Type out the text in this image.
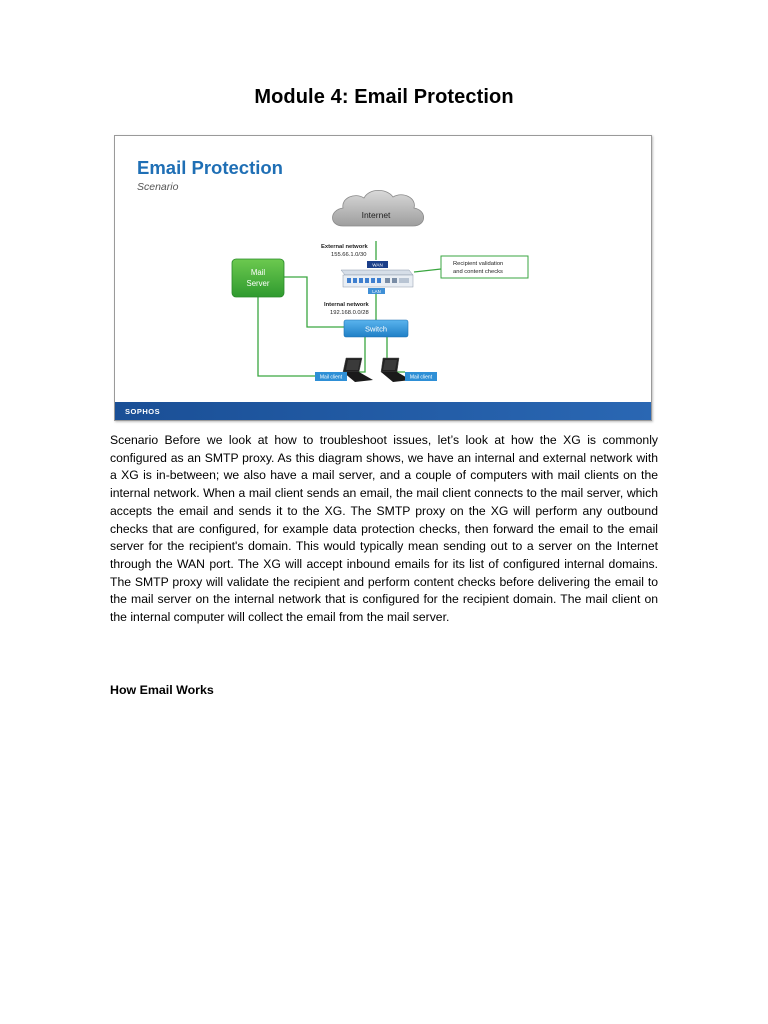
Module 4: Email Protection
Email Protection
Scenario
Internet
External network
155.66.1.0/30
WAN
LAN
Recipient validation
and content checks
Mail
Server
Internal network
192.168.0.0/28
Switch
Mail client	Mail client
SOPHOS

Scenario Before we look at how to troubleshoot issues, let’s look at how the XG is commonly configured as an SMTP proxy. As this diagram shows, we have an internal and external network with a XG is in-between; we also have a mail server, and a couple of computers with mail clients on the internal network. When a mail client sends an email, the mail client connects to the mail server, which accepts the email and sends it to the XG. The SMTP proxy on the XG will perform any outbound checks that are configured, for example data protection checks, then forward the email to the email server for the recipient's domain. This would typically mean sending out to a server on the Internet through the WAN port. The XG will accept inbound emails for its list of configured internal domains. The SMTP proxy will validate the recipient and perform content checks before delivering the email to the mail server on the internal network that is configured for the recipient domain. The mail client on the internal computer will collect the email from the mail server.

How Email Works
